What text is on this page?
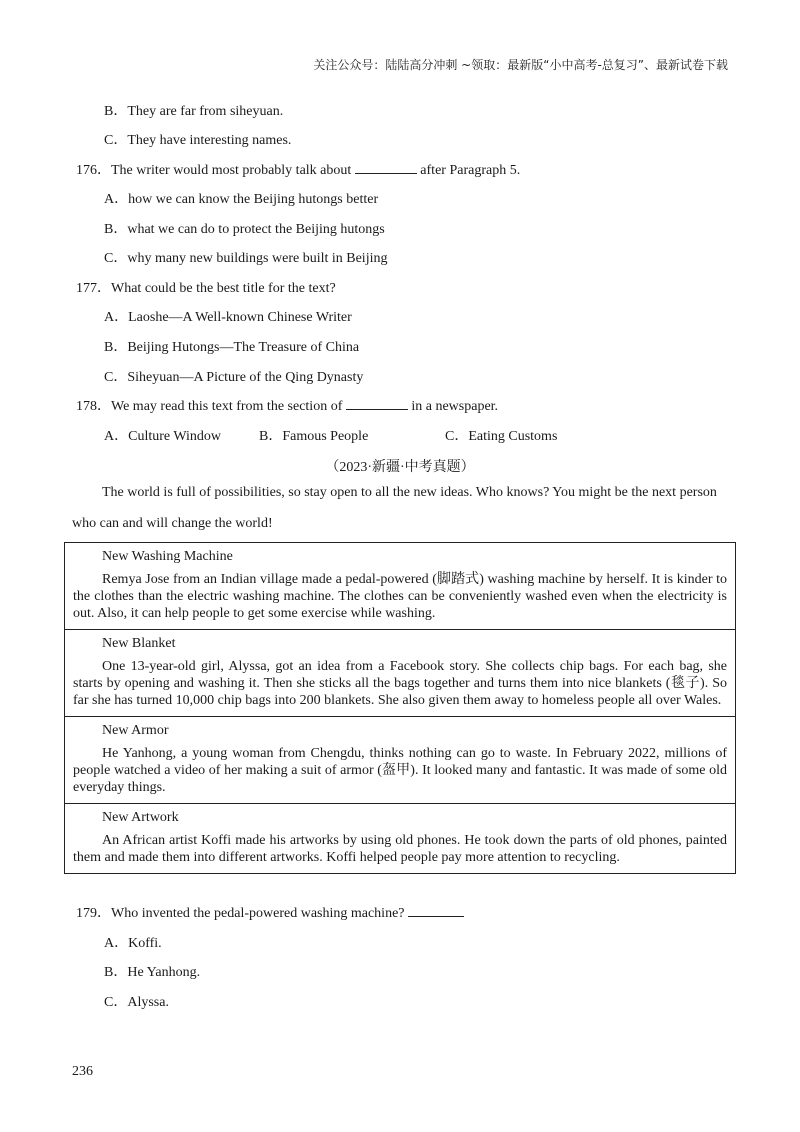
关注公众号：陆陆高分冲刺 ~领取：最新版“小中高考-总复习”、最新试卷下载
B．They are far from siheyuan.
C．They have interesting names.
176．The writer would most probably talk about	after Paragraph 5.
A．how we can know the Beijing hutongs better
B．what we can do to protect the Beijing hutongs
C．why many new buildings were built in Beijing
177．What could be the best title for the text?
A．Laoshe—A Well-known Chinese Writer
B．Beijing Hutongs—The Treasure of China
C．Siheyuan—A Picture of the Qing Dynasty
178．We may read this text from the section of	in a newspaper.
A．Culture Window	B．Famous People	C．Eating Customs
（2023·新疆·中考真题）
The world is full of possibilities, so stay open to all the new ideas. Who knows? You might be the next person who can and will change the world!
New Washing Machine
Remya Jose from an Indian village made a pedal-powered (脚踏式) washing machine by herself. It is kinder to the clothes than the electric washing machine. The clothes can be conveniently washed even when the electricity is out. Also, it can help people to get some exercise while washing.
New Blanket
One 13-year-old girl, Alyssa, got an idea from a Facebook story. She collects chip bags. For each bag, she starts by opening and washing it. Then she sticks all the bags together and turns them into nice blankets (毯子). So far she has turned 10,000 chip bags into 200 blankets. She also given them away to homeless people all over Wales.
New Armor
He Yanhong, a young woman from Chengdu, thinks nothing can go to waste. In February 2022, millions of people watched a video of her making a suit of armor (盔甲). It looked many and fantastic. It was made of some old everyday things.
New Artwork
An African artist Koffi made his artworks by using old phones. He took down the parts of old phones, painted them and made them into different artworks. Koffi helped people pay more attention to recycling.
179．Who invented the pedal-powered washing machine?
A．Koffi.
B．He Yanhong.
C．Alyssa.
236
